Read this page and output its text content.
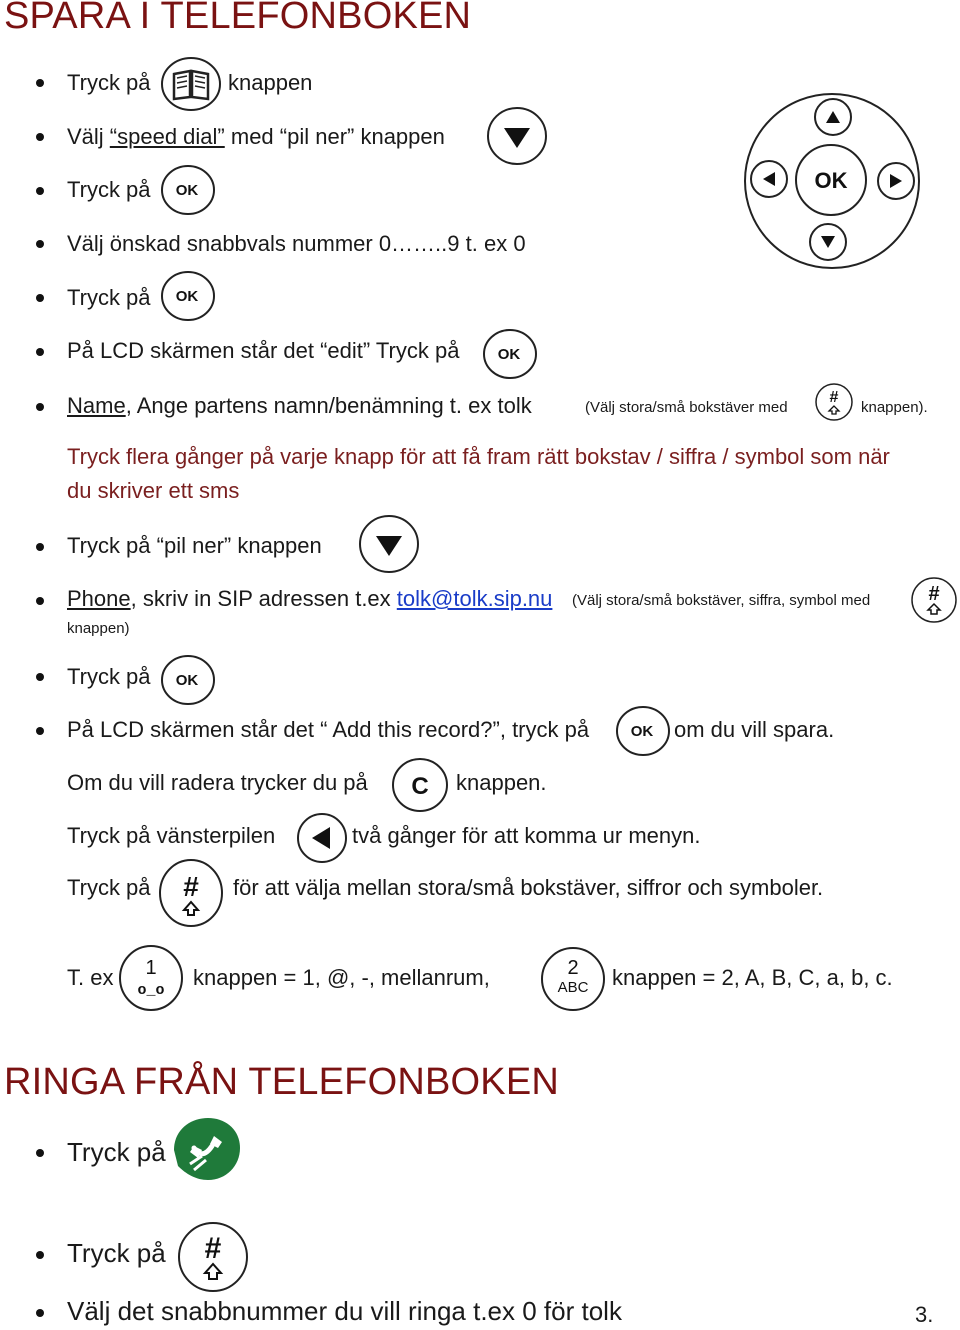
SPARA I TELEFONBOKEN
Tryck på	knappen
Välj “speed dial” med “pil ner” knappen
OK
Tryck på OK
Välj önskad snabbvals nummer 0……..9 t. ex 0
Tryck på OK
På LCD skärmen står det “edit” Tryck på	OK
Name, Ange partens namn/benämning t. ex tolk	(Välj stora/små bokstäver med
#
knappen).
Tryck flera gånger på varje knapp för att få fram rätt bokstav / siffra / symbol som när du skriver ett sms
Tryck på “pil ner” knappen
Phone, skriv in SIP adressen t.ex tolk@tolk.sip.nu (Välj stora/små bokstäver, siffra, symbol med	#
knappen)
Tryck på OK
På LCD skärmen står det “ Add this record?”, tryck på	OK om du vill spara.
Om du vill radera trycker du på C knappen.
Tryck på vänsterpilen	två gånger för att komma ur menyn.
Tryck på # för att välja mellan stora/små bokstäver, siffror och symboler.
T. ex 1
o_o
knappen = 1, @, -, mellanrum,	2
ABC knappen = 2, A, B, C, a, b, c.
RINGA FRÅN TELEFONBOKEN
Tryck på
Tryck på #
Välj det snabbnummer du vill ringa t.ex 0 för tolk	3.
